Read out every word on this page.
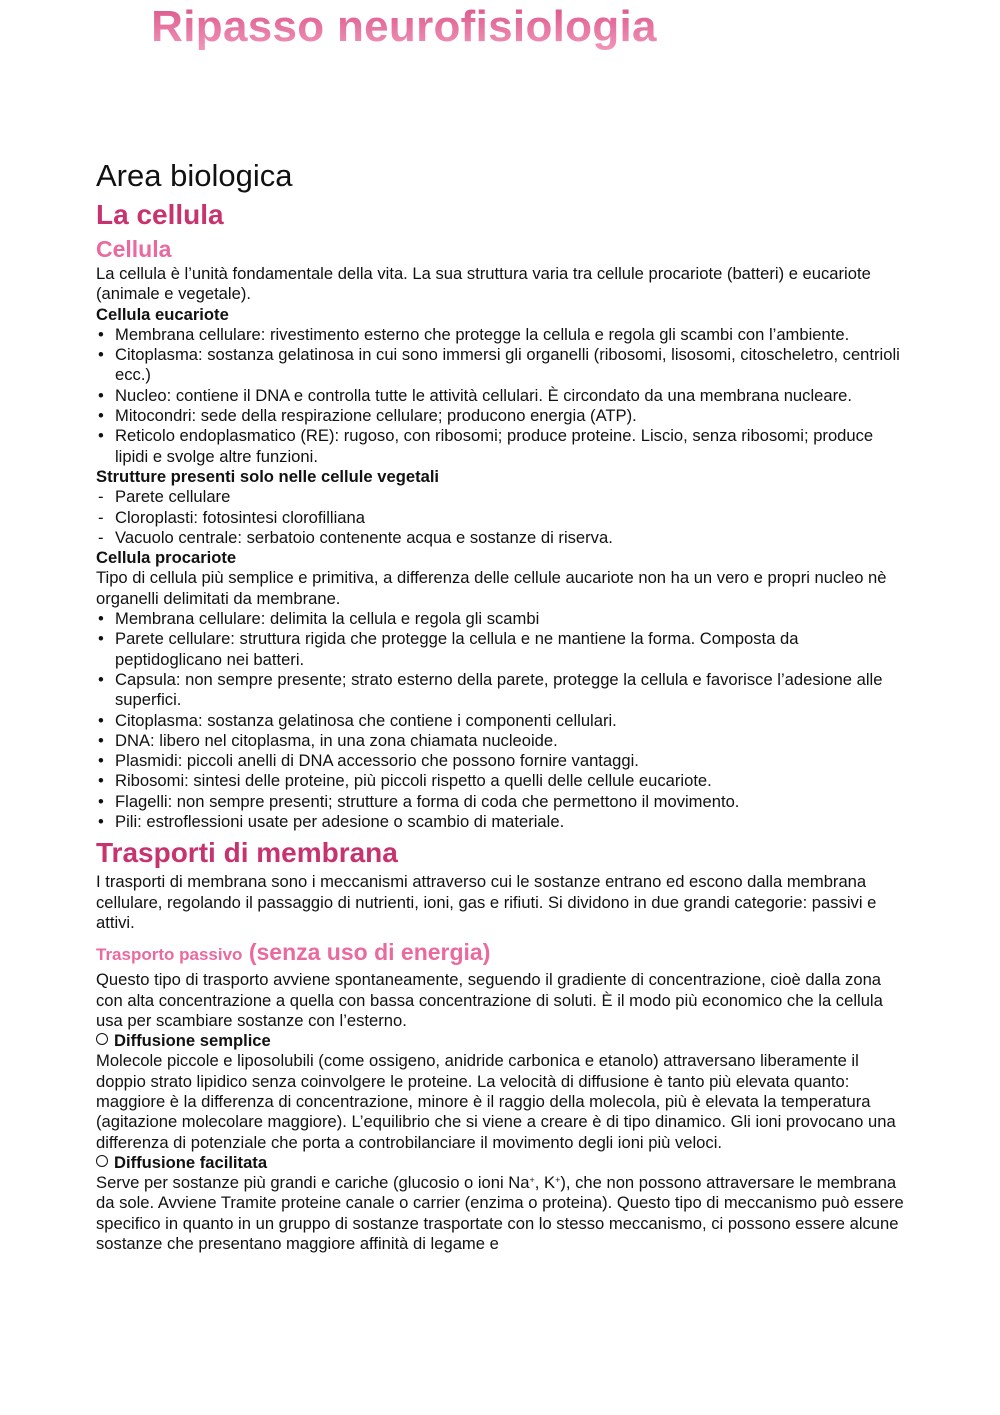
Ripasso neurofisiologia
Area biologica
La cellula
Cellula

La cellula è l’unità fondamentale della vita. La sua struttura varia tra cellule procariote (batteri) e eucariote (animale e vegetale).

Cellula eucariote
• Membrana cellulare: rivestimento esterno che protegge la cellula e regola gli scambi con l’ambiente.
• Citoplasma: sostanza gelatinosa in cui sono immersi gli organelli (ribosomi, lisosomi, citoscheletro, centrioli ecc.)
• Nucleo: contiene il DNA e controlla tutte le attività cellulari. È circondato da una membrana nucleare.
• Mitocondri: sede della respirazione cellulare; producono energia (ATP).
• Reticolo endoplasmatico (RE): rugoso, con ribosomi; produce proteine. Liscio, senza ribosomi; produce lipidi e svolge altre funzioni.
Strutture presenti solo nelle cellule vegetali
- Parete cellulare
- Cloroplasti: fotosintesi clorofilliana
- Vacuolo centrale: serbatoio contenente acqua e sostanze di riserva.
Cellula procariote

Tipo di cellula più semplice e primitiva, a differenza delle cellule aucariote non ha un vero e propri nucleo nè organelli delimitati da membrane.

• Membrana cellulare: delimita la cellula e regola gli scambi
• Parete cellulare: struttura rigida che protegge la cellula e ne mantiene la forma. Composta da peptidoglicano nei batteri.
• Capsula: non sempre presente; strato esterno della parete, protegge la cellula e favorisce l’adesione alle superfici.
• Citoplasma: sostanza gelatinosa che contiene i componenti cellulari.
• DNA: libero nel citoplasma, in una zona chiamata nucleoide.
• Plasmidi: piccoli anelli di DNA accessorio che possono fornire vantaggi.
• Ribosomi: sintesi delle proteine, più piccoli rispetto a quelli delle cellule eucariote.
• Flagelli: non sempre presenti; strutture a forma di coda che permettono il movimento.
• Pili: estroflessioni usate per adesione o scambio di materiale.
Trasporti di membrana

I trasporti di membrana sono i meccanismi attraverso cui le sostanze entrano ed escono dalla membrana cellulare, regolando il passaggio di nutrienti, ioni, gas e rifiuti. Si dividono in due grandi categorie: passivi e attivi.

Trasporto passivo (senza uso di energia)

Questo tipo di trasporto avviene spontaneamente, seguendo il gradiente di concentrazione, cioè dalla zona con alta concentrazione a quella con bassa concentrazione di soluti. È il modo più economico che la cellula usa per scambiare sostanze con l’esterno.

Diffusione semplice

Molecole piccole e liposolubili (come ossigeno, anidride carbonica e etanolo) attraversano liberamente il doppio strato lipidico senza coinvolgere le proteine. La velocità di diffusione è tanto più elevata quanto: maggiore è la differenza di concentrazione, minore è il raggio della molecola, più è elevata la temperatura (agitazione molecolare maggiore). L’equilibrio che si viene a creare è di tipo dinamico. Gli ioni provocano una differenza di potenziale che porta a controbilanciare il movimento degli ioni più veloci.

Diffusione facilitata

Serve per sostanze più grandi e cariche (glucosio o ioni Na+, K+), che non possono attraversare le membrana da sole. Avviene Tramite proteine canale o carrier (enzima o proteina). Questo tipo di meccanismo può essere specifico in quanto in un gruppo di sostanze trasportate con lo stesso meccanismo, ci possono essere alcune sostanze che presentano maggiore affinità di legame e
